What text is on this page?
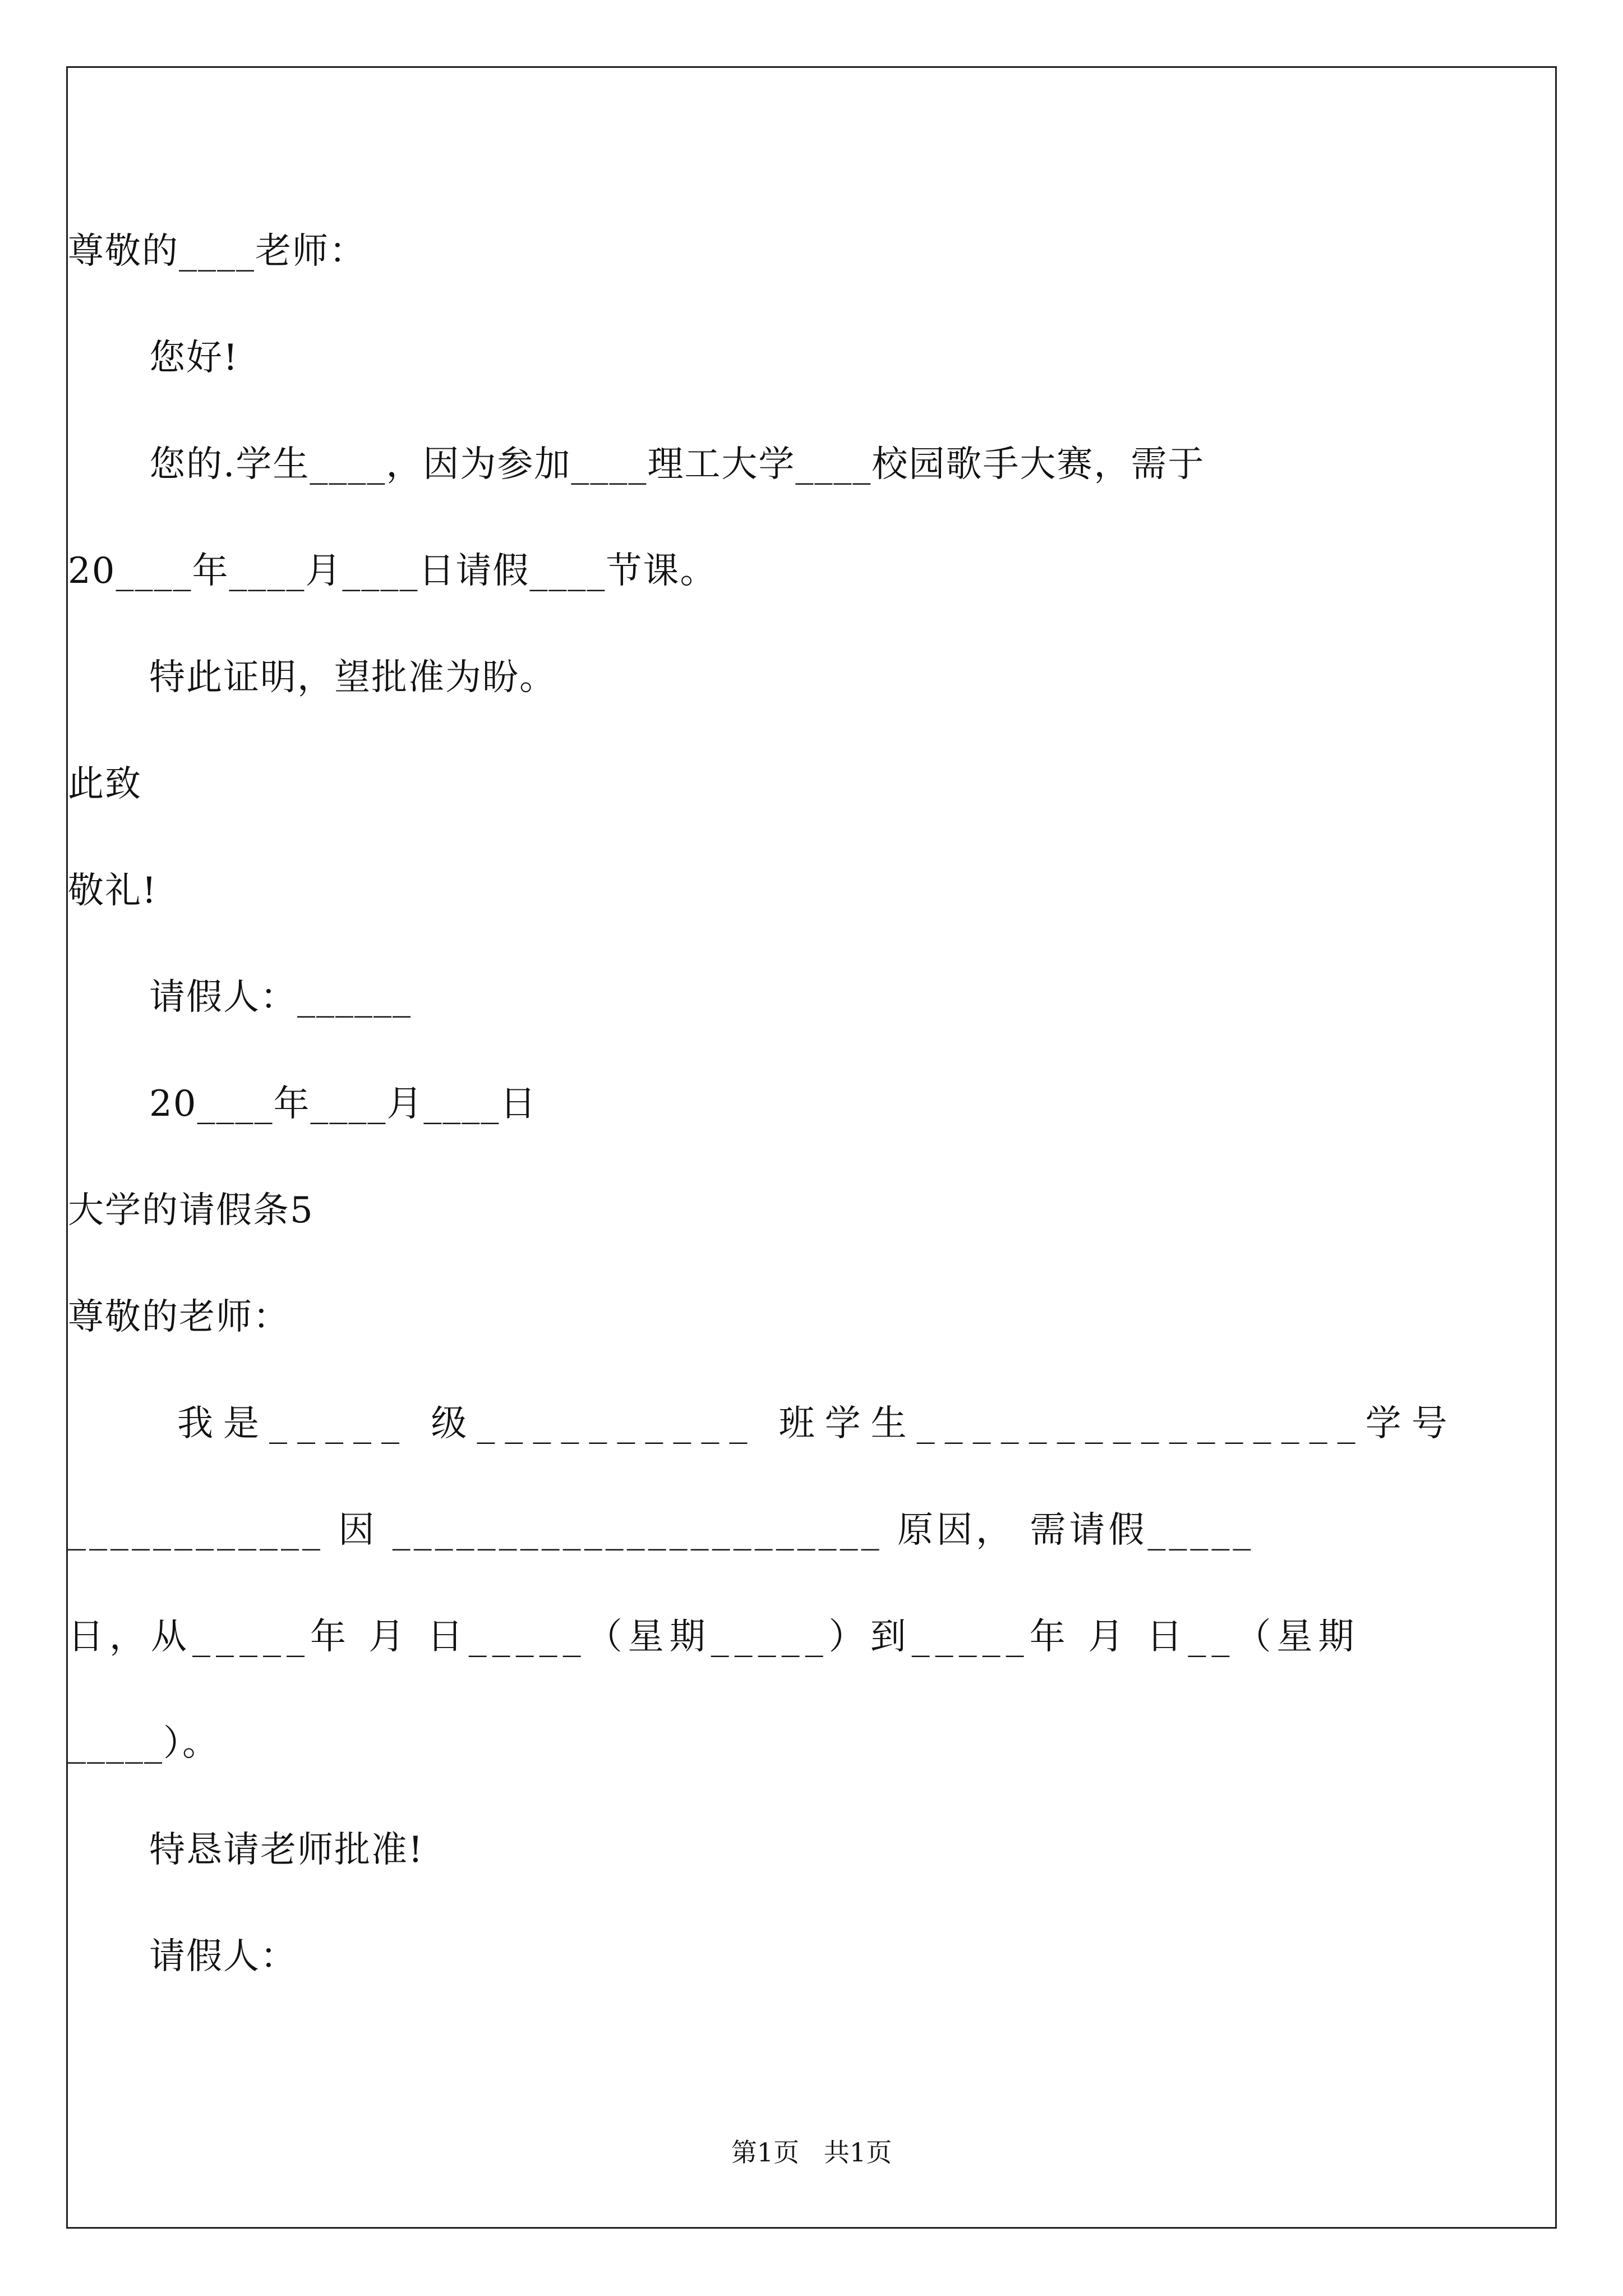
尊敬的____老师：
您好!
您的.学生____，因为参加____理工大学____校园歌手大赛，需于
20____年____月____日请假____节课。
特此证明，望批准为盼。
此致
敬礼!
请假人：______
20____年____月____日
大学的请假条5
尊敬的老师：
我是_____ 级__________ 班学生________________学号
____________ 因 _______________________ 原因， 需请假_____
日，从_____年 月 日_____（星期_____）到_____年 月 日__（星期
_____）。
特恳请老师批准!
请假人：
第1页   共1页
